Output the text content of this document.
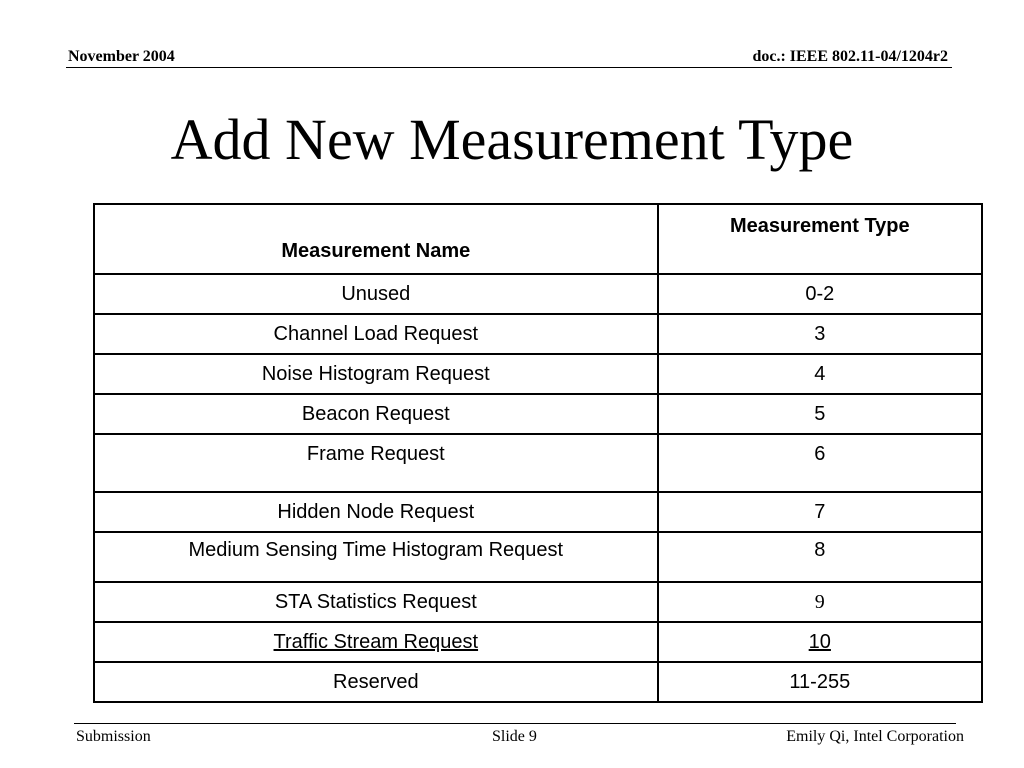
November 2004	doc.: IEEE 802.11-04/1204r2
Add New Measurement Type
Measurement Name	Measurement Type
Unused	0-2
Channel Load Request	3
Noise Histogram Request	4
Beacon Request	5
Frame Request	6
Hidden Node Request	7
Medium Sensing Time Histogram Request	8
STA Statistics Request	9
Traffic Stream Request	10
Reserved	11-255
Submission	Slide 9	Emily Qi, Intel Corporation
